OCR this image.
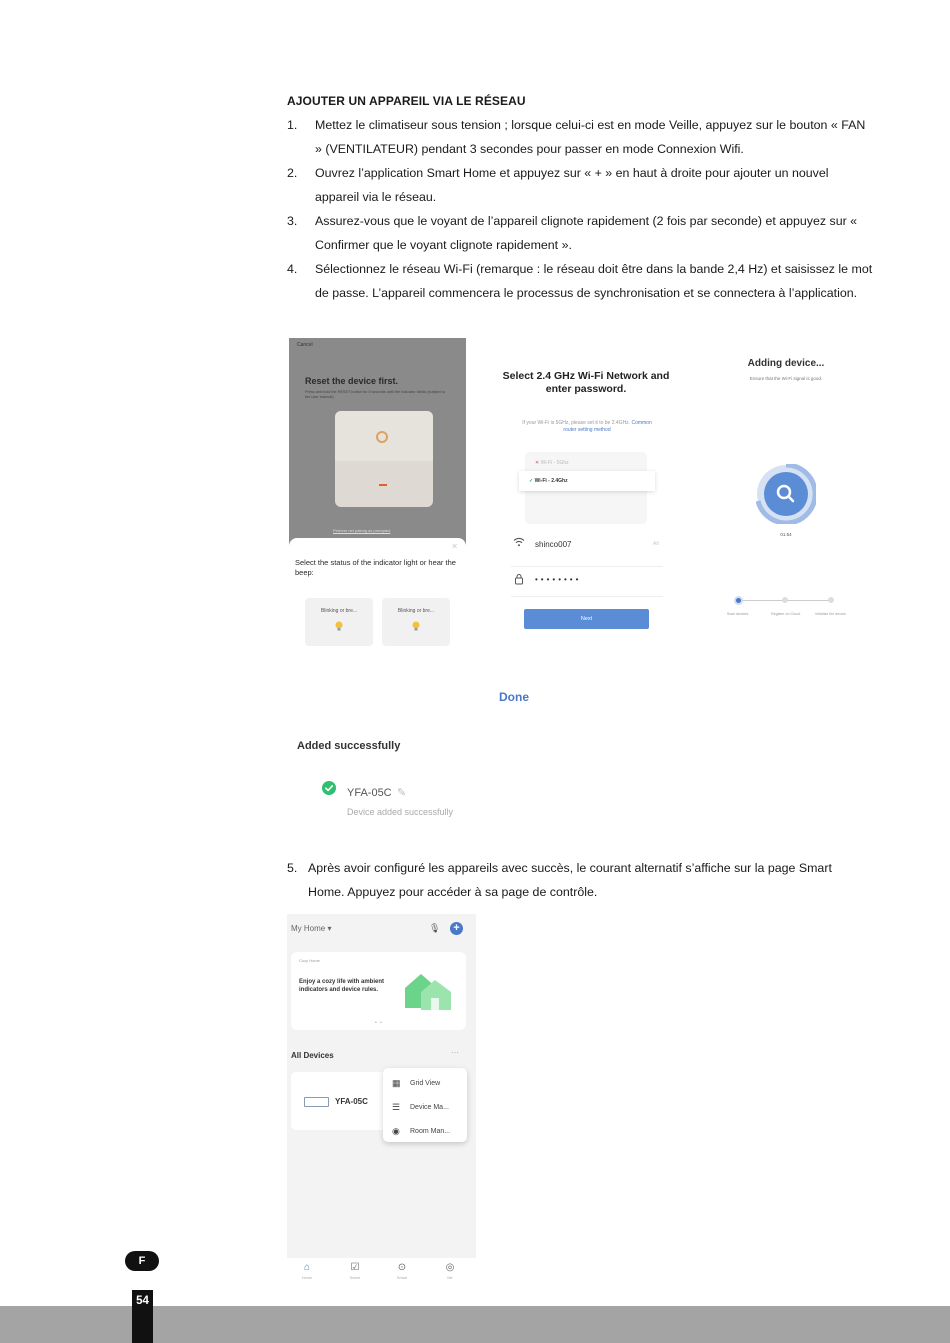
AJOUTER UN APPAREIL VIA LE RÉSEAU
1. Mettez le climatiseur sous tension ; lorsque celui-ci est en mode Veille, appuyez sur le bouton « FAN » (VENTILATEUR) pendant 3 secondes pour passer en mode Connexion Wifi.
2. Ouvrez l’application Smart Home et appuyez sur « + » en haut à droite pour ajouter un nouvel appareil via le réseau.
3. Assurez-vous que le voyant de l’appareil clignote rapidement (2 fois par seconde) et appuyez sur « Confirmer que le voyant clignote rapidement ».
4. Sélectionnez le réseau Wi-Fi (remarque : le réseau doit être dans la bande 2,4 Hz) et saisissez le mot de passe. L’appareil commencera le processus de synchronisation et se connectera à l’application.
Cancel
Reset the device first.
Press and hold the RESET button for 5 seconds until the indicator blinks (subject to the user manual).
Perform net pairing as prompted
✕
Select the status of the indicator light or hear the beep:
Blinking or bre...	Blinking or bre...
Select 2.4 GHz Wi-Fi Network and enter password.
If your Wi-Fi is 5GHz, please set it to be 2.4GHz. Common router setting method
✕ Wi-Fi - 5Ghz
✓ Wi-Fi - 2.4Ghz
shinco007	Alt
••••••••
Next
Adding device...
Ensure that the Wi-Fi signal is good.
01:54
Scan devices.	Register on Cloud.	Initialize the device.
Done
Added successfully
YFA-05C ✎
Device added successfully
5. Après avoir configuré les appareils avec succès, le courant alternatif s’affiche sur la page Smart Home. Appuyez pour accéder à sa page de contrôle.
My Home ▾	🎙 +
Cozy Home
Enjoy a cozy life with ambient indicators and device rules.
• •
All Devices	···
YFA-05C
▦ Grid View
☰ Device Ma...
◉ Room Man...
⌂
Home
☑
Scene
⊙
Smart
◎
Me
F
54
